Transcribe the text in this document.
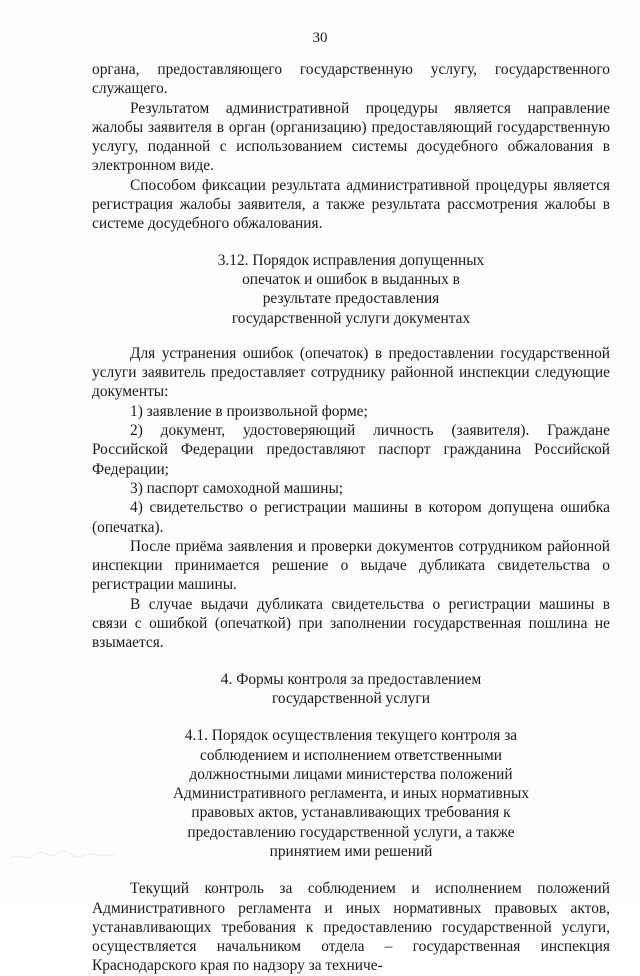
30

органа, предоставляющего государственную услугу, государственного служащего.

Результатом административной процедуры является направление жалобы заявителя в орган (организацию) предоставляющий государственную услугу, поданной с использованием системы досудебного обжалования в электронном виде.

Способом фиксации результата административной процедуры является регистрация жалобы заявителя, а также результата рассмотрения жалобы в системе досудебного обжалования.

3.12. Порядок исправления допущенных

опечаток и ошибок в выданных в

результате предоставления

государственной услуги документах

Для устранения ошибок (опечаток) в предоставлении государственной услуги заявитель предоставляет сотруднику районной инспекции следующие документы:

1) заявление в произвольной форме;

2) документ, удостоверяющий личность (заявителя). Граждане Российской Федерации предоставляют паспорт гражданина Российской Федерации;

3) паспорт самоходной машины;

4) свидетельство о регистрации машины в котором допущена ошибка (опечатка).

После приёма заявления и проверки документов сотрудником районной инспекции принимается решение о выдаче дубликата свидетельства о регистрации машины.

В случае выдачи дубликата свидетельства о регистрации машины в связи с ошибкой (опечаткой) при заполнении государственная пошлина не взымается.

4. Формы контроля за предоставлением

государственной услуги

4.1. Порядок осуществления текущего контроля за

соблюдением и исполнением ответственными

должностными лицами министерства положений

Административного регламента, и иных нормативных

правовых актов, устанавливающих требования к

предоставлению государственной услуги, а также

принятием ими решений

Текущий контроль за соблюдением и исполнением положений Административного регламента и иных нормативных правовых актов, устанавливающих требования к предоставлению государственной услуги, осуществляется начальником отдела – государственная инспекция Краснодарского края по надзору за техниче-
